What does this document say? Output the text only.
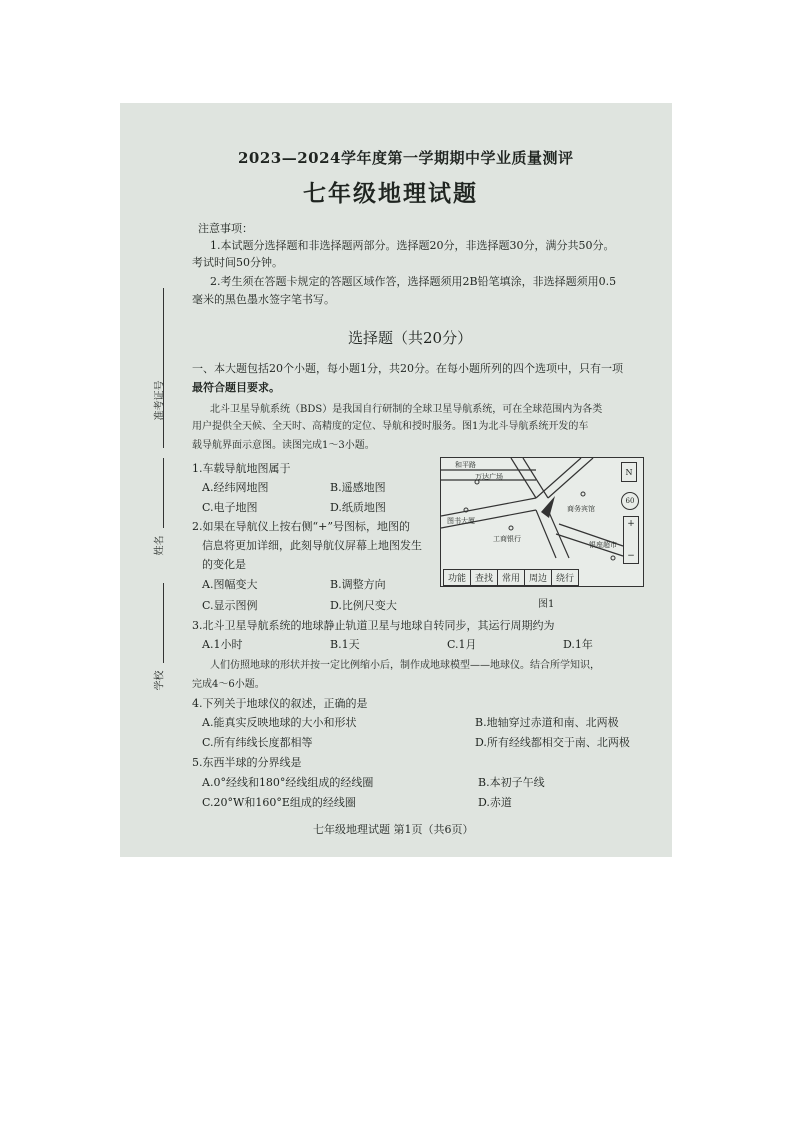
准考证号
姓名
学校
2023—2024学年度第一学期期中学业质量测评
七年级地理试题
注意事项：
1.本试题分选择题和非选择题两部分。选择题20分，非选择题30分，满分共50分。
考试时间50分钟。
2.考生须在答题卡规定的答题区域作答，选择题须用2B铅笔填涂，非选择题须用0.5
毫米的黑色墨水签字笔书写。
选择题（共20分）
一、本大题包括20个小题，每小题1分，共20分。在每小题所列的四个选项中，只有一项
最符合题目要求。
北斗卫星导航系统（BDS）是我国自行研制的全球卫星导航系统，可在全球范围内为各类
用户提供全天候、全天时、高精度的定位、导航和授时服务。图1为北斗导航系统开发的车
载导航界面示意图。读图完成1～3小题。
1.车载导航地图属于
A.经纬网地图	B.遥感地图
C.电子地图	D.纸质地图
2.如果在导航仪上按右侧“+”号图标，地图的
信息将更加详细，此刻导航仪屏幕上地图发生
的变化是
A.图幅变大	B.调整方向
C.显示图例	D.比例尺变大
3.北斗卫星导航系统的地球静止轨道卫星与地球自转同步，其运行周期约为
A.1小时	B.1天	C.1月	D.1年
人们仿照地球的形状并按一定比例缩小后，制作成地球模型——地球仪。结合所学知识，
完成4～6小题。
4.下列关于地球仪的叙述，正确的是
A.能真实反映地球的大小和形状	B.地轴穿过赤道和南、北两极
C.所有纬线长度都相等	D.所有经线都相交于南、北两极
5.东西半球的分界线是
A.0°经线和180°经线组成的经线圈	B.本初子午线
C.20°W和160°E组成的经线圈	D.赤道
七年级地理试题 第1页（共6页）
和平路
万达广场
商务宾馆
图书大厦
工商银行
银座超市
N
60
+
−
功能 查找 常用 周边 绕行
图1
